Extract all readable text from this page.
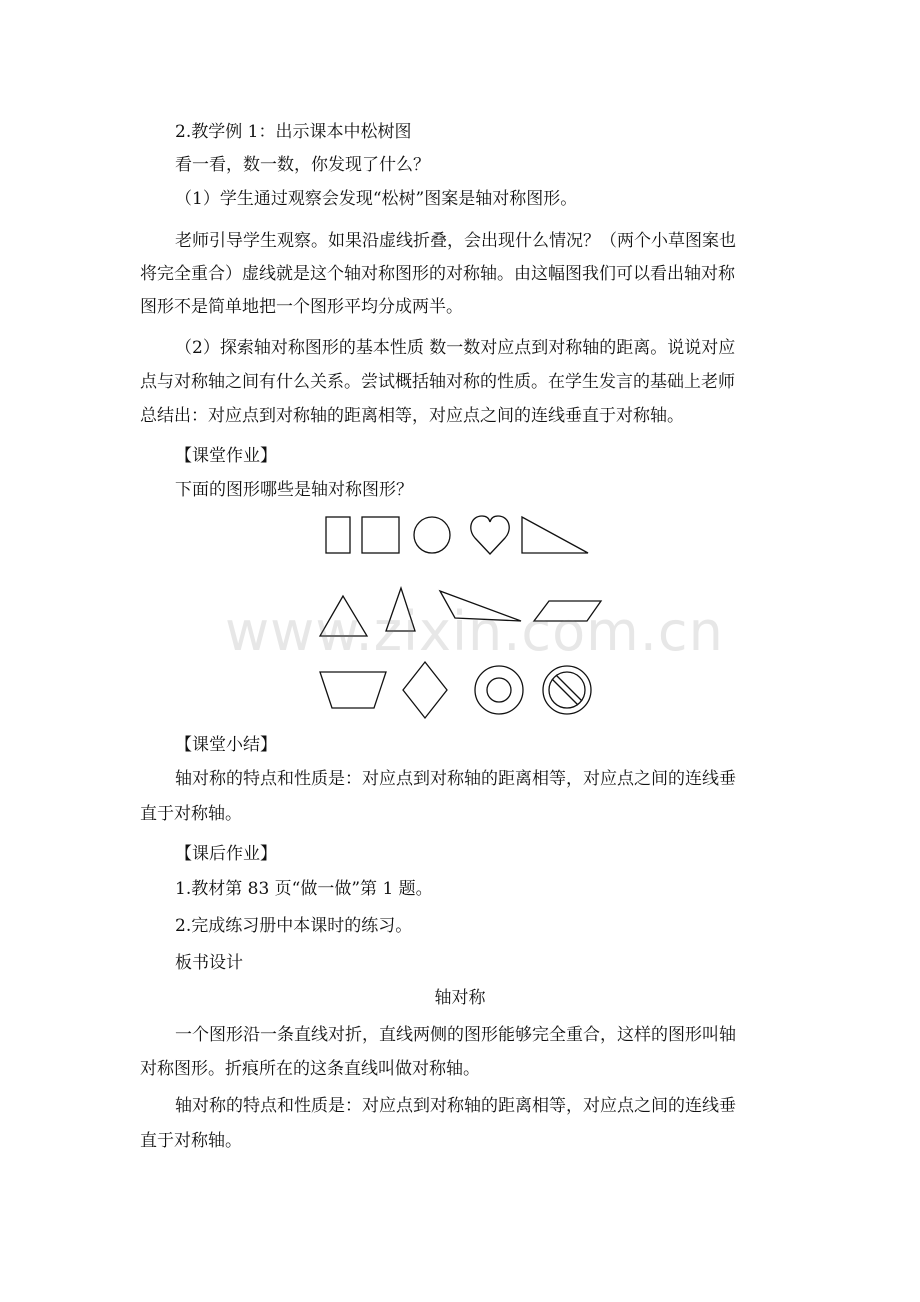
2.教学例 1：出示课本中松树图
看一看，数一数，你发现了什么？
（1）学生通过观察会发现“松树”图案是轴对称图形。
老师引导学生观察。如果沿虚线折叠，会出现什么情况？（两个小草图案也
将完全重合）虚线就是这个轴对称图形的对称轴。由这幅图我们可以看出轴对称
图形不是简单地把一个图形平均分成两半。
（2）探索轴对称图形的基本性质 数一数对应点到对称轴的距离。说说对应
点与对称轴之间有什么关系。尝试概括轴对称的性质。在学生发言的基础上老师
总结出：对应点到对称轴的距离相等，对应点之间的连线垂直于对称轴。
【课堂作业】
下面的图形哪些是轴对称图形？
www.zixin.com.cn
【课堂小结】
轴对称的特点和性质是：对应点到对称轴的距离相等，对应点之间的连线垂
直于对称轴。
【课后作业】
1.教材第 83 页“做一做”第 1 题。
2.完成练习册中本课时的练习。
板书设计
轴对称
一个图形沿一条直线对折，直线两侧的图形能够完全重合，这样的图形叫轴
对称图形。折痕所在的这条直线叫做对称轴。
轴对称的特点和性质是：对应点到对称轴的距离相等，对应点之间的连线垂
直于对称轴。
